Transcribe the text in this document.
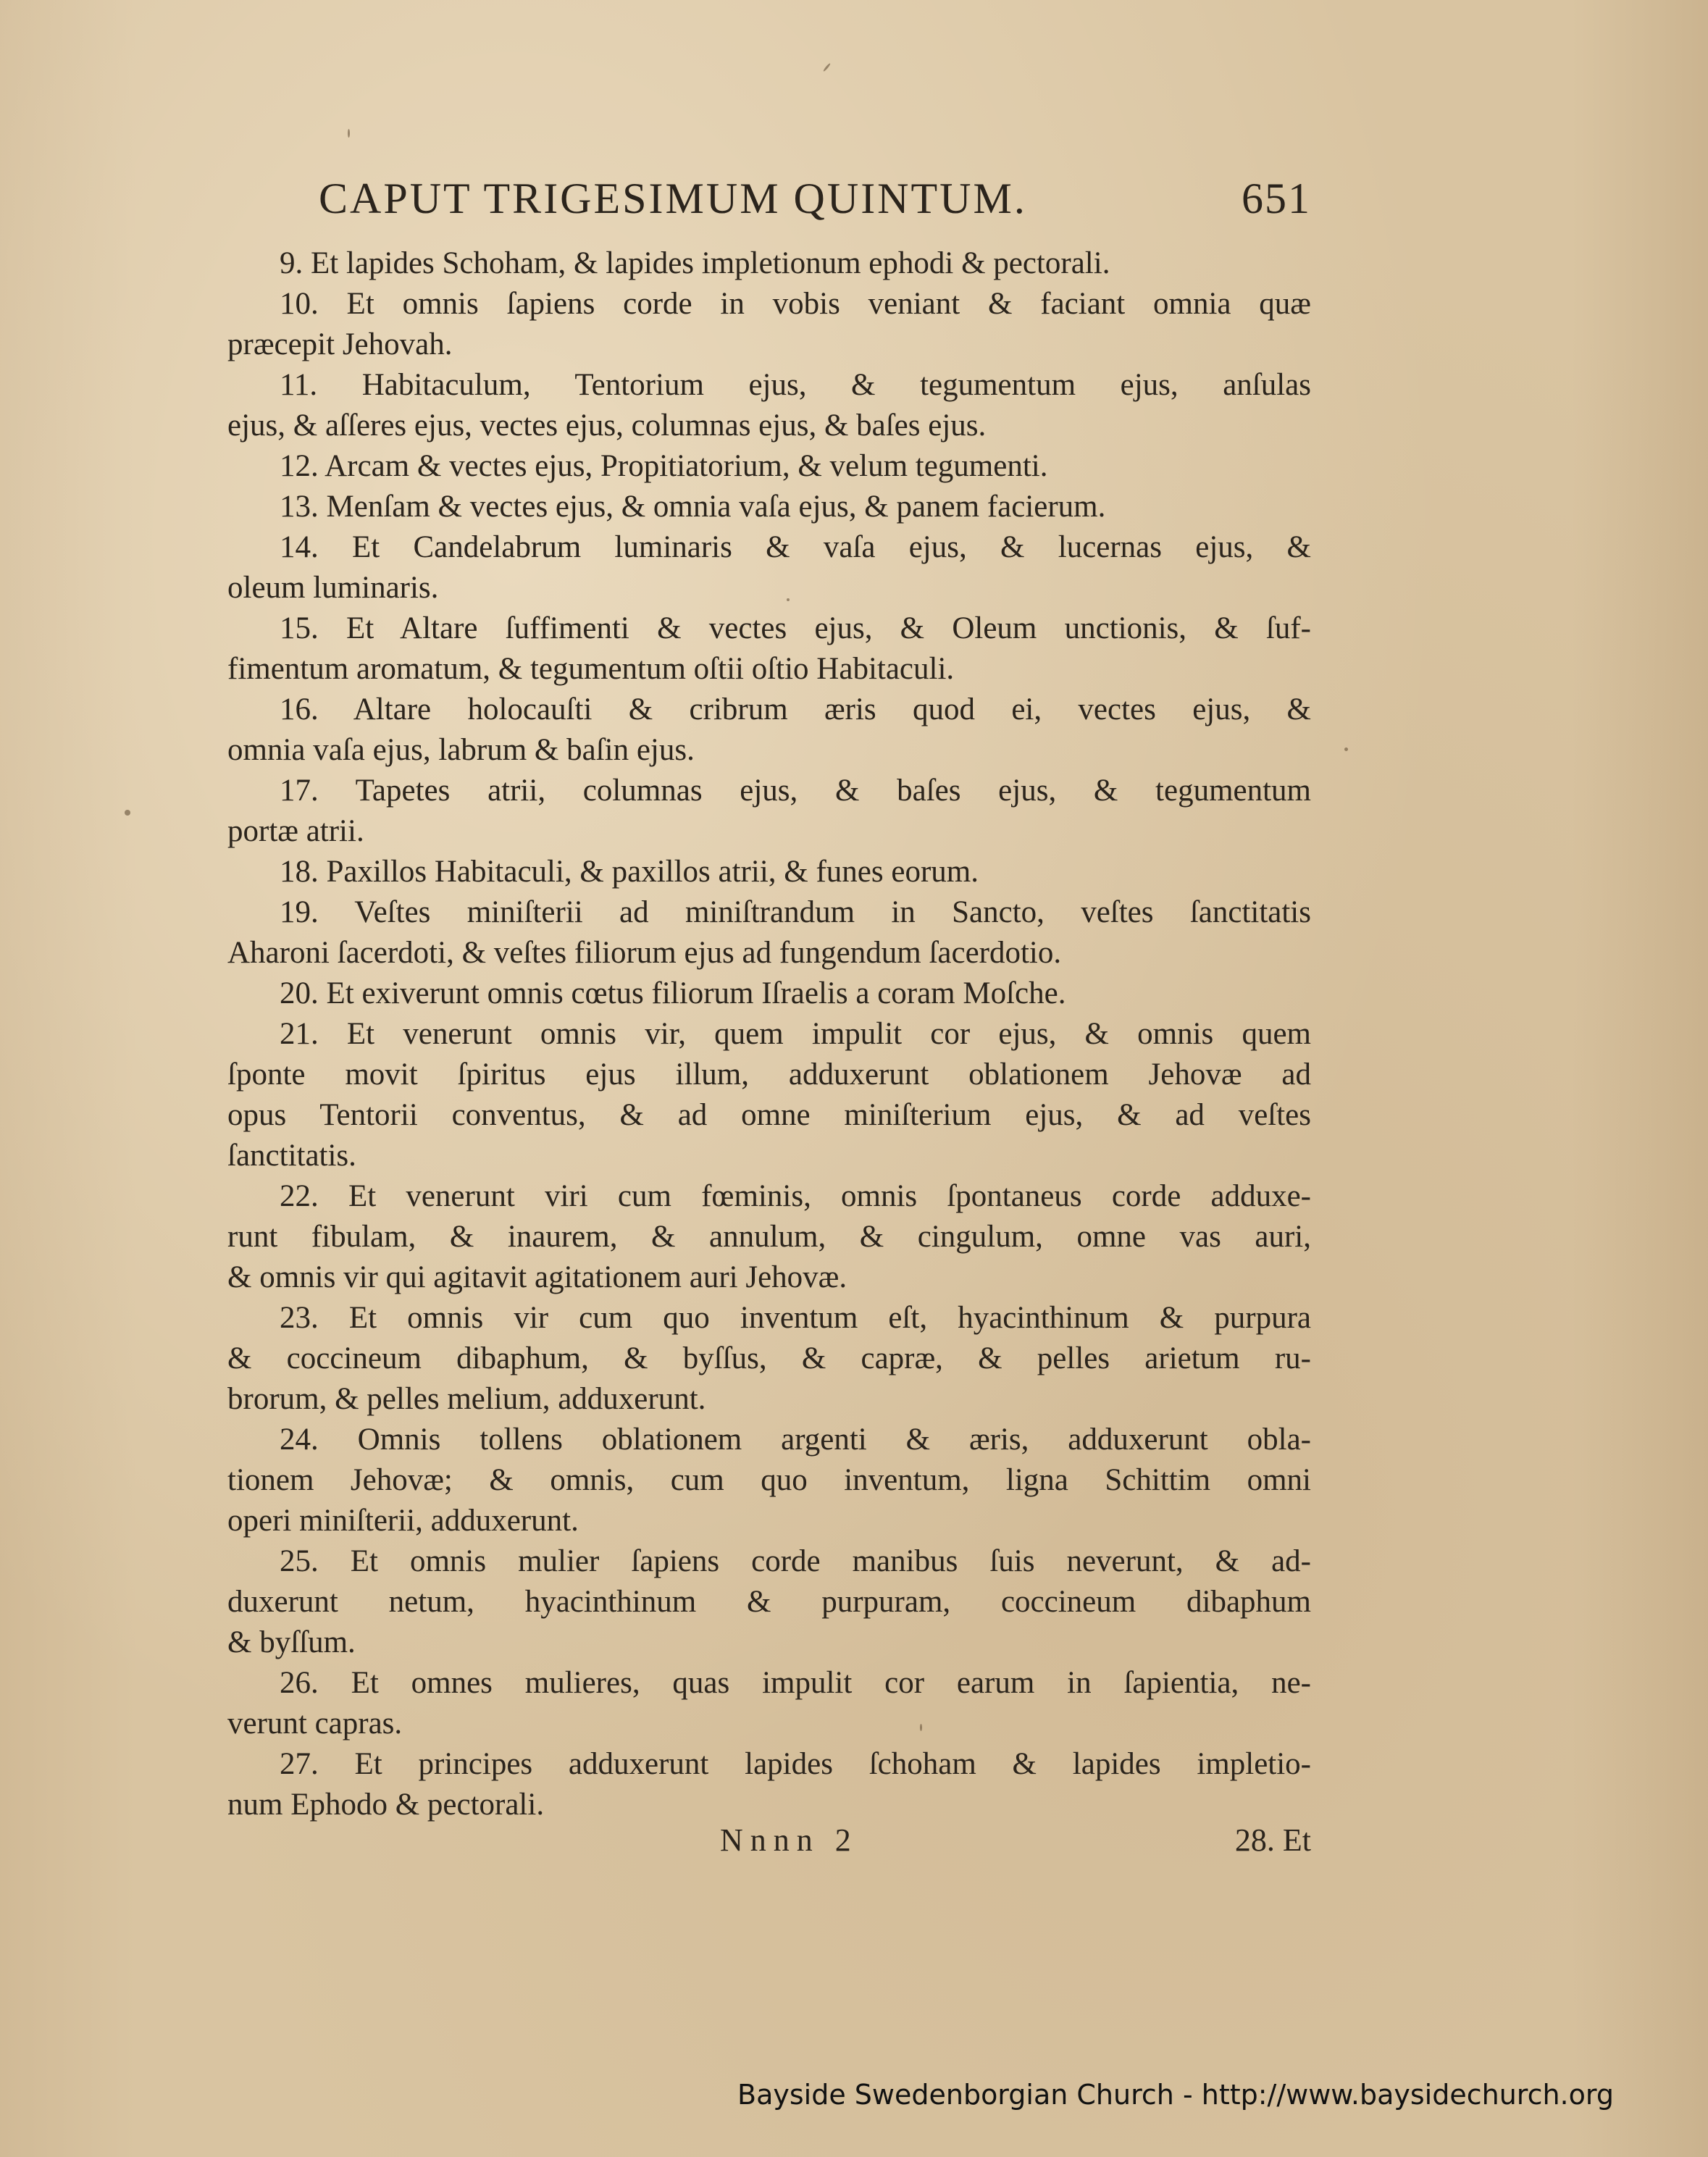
CAPUT TRIGESIMUM QUINTUM.	651
9. Et lapides Schoham, & lapides impletionum ephodi & pectorali.
10. Et omnis ſapiens corde in vobis veniant & faciant omnia quæ
præcepit Jehovah.
11. Habitaculum, Tentorium ejus, & tegumentum ejus, anſulas
ejus, & aſſeres ejus, vectes ejus, columnas ejus, & baſes ejus.
12. Arcam & vectes ejus, Propitiatorium, & velum tegumenti.
13. Menſam & vectes ejus, & omnia vaſa ejus, & panem facierum.
14. Et Candelabrum luminaris & vaſa ejus, & lucernas ejus, &
oleum luminaris.
15. Et Altare ſuffimenti & vectes ejus, & Oleum unctionis, & ſuf-
fimentum aromatum, & tegumentum oſtii oſtio Habitaculi.
16. Altare holocauſti & cribrum æris quod ei, vectes ejus, &
omnia vaſa ejus, labrum & baſin ejus.
17. Tapetes atrii, columnas ejus, & baſes ejus, & tegumentum
portæ atrii.
18. Paxillos Habitaculi, & paxillos atrii, & funes eorum.
19. Veſtes miniſterii ad miniſtrandum in Sancto, veſtes ſanctitatis
Aharoni ſacerdoti, & veſtes filiorum ejus ad fungendum ſacerdotio.
20. Et exiverunt omnis cœtus filiorum Iſraelis a coram Moſche.
21. Et venerunt omnis vir, quem impulit cor ejus, & omnis quem
ſponte movit ſpiritus ejus illum, adduxerunt oblationem Jehovæ ad
opus Tentorii conventus, & ad omne miniſterium ejus, & ad veſtes
ſanctitatis.
22. Et venerunt viri cum fœminis, omnis ſpontaneus corde adduxe-
runt fibulam, & inaurem, & annulum, & cingulum, omne vas auri,
& omnis vir qui agitavit agitationem auri Jehovæ.
23. Et omnis vir cum quo inventum eſt, hyacinthinum & purpura
& coccineum dibaphum, & byſſus, & capræ, & pelles arietum ru-
brorum, & pelles melium, adduxerunt.
24. Omnis tollens oblationem argenti & æris, adduxerunt obla-
tionem Jehovæ; & omnis, cum quo inventum, ligna Schittim omni
operi miniſterii, adduxerunt.
25. Et omnis mulier ſapiens corde manibus ſuis neverunt, & ad-
duxerunt netum, hyacinthinum & purpuram, coccineum dibaphum
& byſſum.
26. Et omnes mulieres, quas impulit cor earum in ſapientia, ne-
verunt capras.
27. Et principes adduxerunt lapides ſchoham & lapides impletio-
num Ephodo & pectorali.
Nnnn 2	28. Et
Bayside Swedenborgian Church - http://www.baysidechurch.org
